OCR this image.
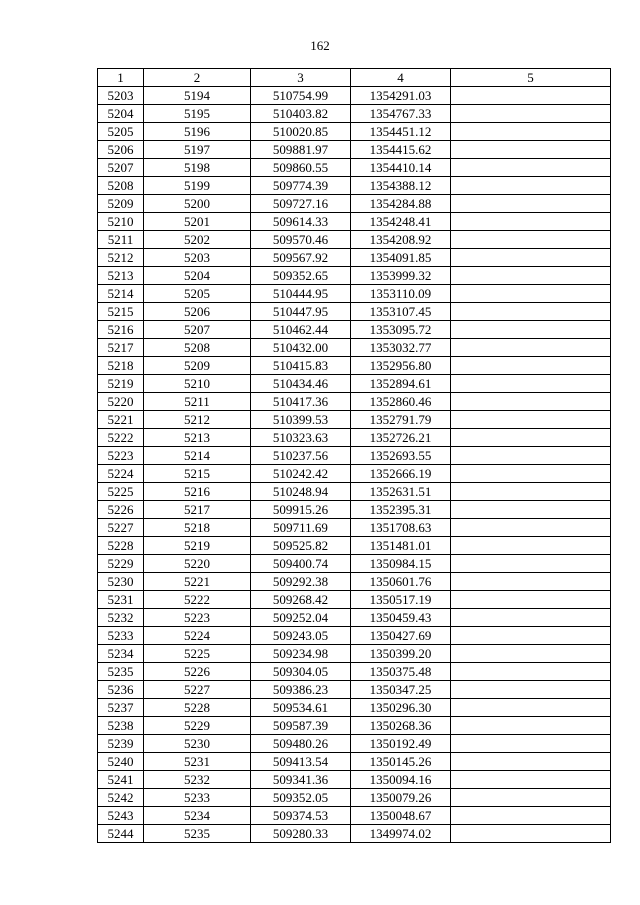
162
1	2	3	4	5
5203	5194	510754.99	1354291.03	
5204	5195	510403.82	1354767.33	
5205	5196	510020.85	1354451.12	
5206	5197	509881.97	1354415.62	
5207	5198	509860.55	1354410.14	
5208	5199	509774.39	1354388.12	
5209	5200	509727.16	1354284.88	
5210	5201	509614.33	1354248.41	
5211	5202	509570.46	1354208.92	
5212	5203	509567.92	1354091.85	
5213	5204	509352.65	1353999.32	
5214	5205	510444.95	1353110.09	
5215	5206	510447.95	1353107.45	
5216	5207	510462.44	1353095.72	
5217	5208	510432.00	1353032.77	
5218	5209	510415.83	1352956.80	
5219	5210	510434.46	1352894.61	
5220	5211	510417.36	1352860.46	
5221	5212	510399.53	1352791.79	
5222	5213	510323.63	1352726.21	
5223	5214	510237.56	1352693.55	
5224	5215	510242.42	1352666.19	
5225	5216	510248.94	1352631.51	
5226	5217	509915.26	1352395.31	
5227	5218	509711.69	1351708.63	
5228	5219	509525.82	1351481.01	
5229	5220	509400.74	1350984.15	
5230	5221	509292.38	1350601.76	
5231	5222	509268.42	1350517.19	
5232	5223	509252.04	1350459.43	
5233	5224	509243.05	1350427.69	
5234	5225	509234.98	1350399.20	
5235	5226	509304.05	1350375.48	
5236	5227	509386.23	1350347.25	
5237	5228	509534.61	1350296.30	
5238	5229	509587.39	1350268.36	
5239	5230	509480.26	1350192.49	
5240	5231	509413.54	1350145.26	
5241	5232	509341.36	1350094.16	
5242	5233	509352.05	1350079.26	
5243	5234	509374.53	1350048.67	
5244	5235	509280.33	1349974.02	
